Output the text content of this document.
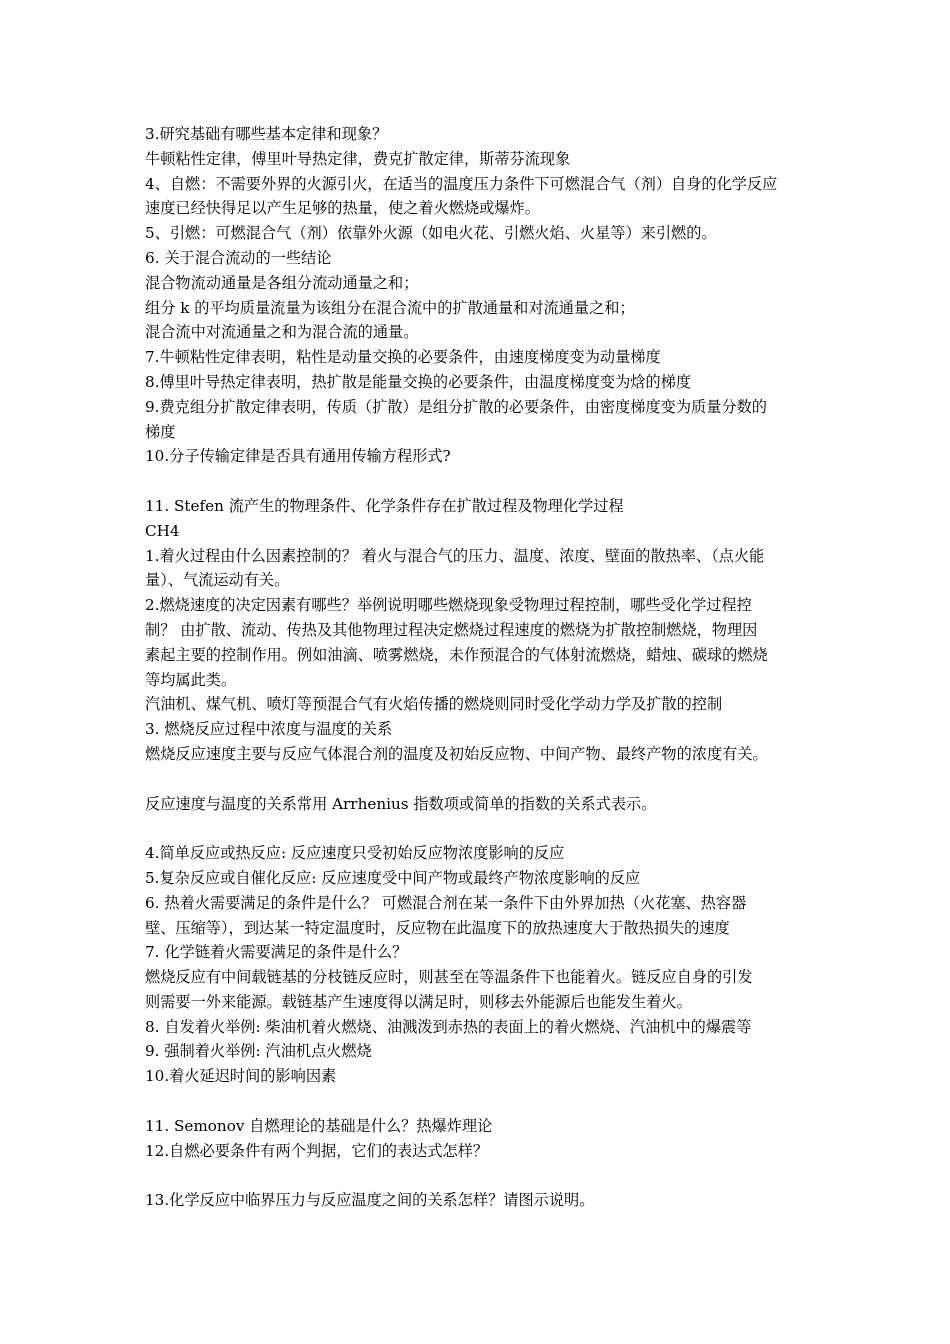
3.研究基础有哪些基本定律和现象？
牛顿粘性定律，傅里叶导热定律，费克扩散定律，斯蒂芬流现象
4、自燃：不需要外界的火源引火，在适当的温度压力条件下可燃混合气（剂）自身的化学反应
速度已经快得足以产生足够的热量，使之着火燃烧或爆炸。
5、引燃：可燃混合气（剂）依靠外火源（如电火花、引燃火焰、火星等）来引燃的。
6. 关于混合流动的一些结论
混合物流动通量是各组分流动通量之和；
组分 k 的平均质量流量为该组分在混合流中的扩散通量和对流通量之和；
混合流中对流通量之和为混合流的通量。
7.牛顿粘性定律表明，粘性是动量交换的必要条件，由速度梯度变为动量梯度
8.傅里叶导热定律表明，热扩散是能量交换的必要条件，由温度梯度变为焓的梯度
9.费克组分扩散定律表明，传质（扩散）是组分扩散的必要条件，由密度梯度变为质量分数的
梯度
10.分子传输定律是否具有通用传输方程形式?
11. Stefen 流产生的物理条件、化学条件存在扩散过程及物理化学过程
CH4
1.着火过程由什么因素控制的？ 着火与混合气的压力、温度、浓度、壁面的散热率、（点火能
量）、气流运动有关。
2.燃烧速度的决定因素有哪些？举例说明哪些燃烧现象受物理过程控制，哪些受化学过程控
制？ 由扩散、流动、传热及其他物理过程决定燃烧过程速度的燃烧为扩散控制燃烧，物理因
素起主要的控制作用。例如油滴、喷雾燃烧，未作预混合的气体射流燃烧，蜡烛、碳球的燃烧
等均属此类。
汽油机、煤气机、喷灯等预混合气有火焰传播的燃烧则同时受化学动力学及扩散的控制
3. 燃烧反应过程中浓度与温度的关系
燃烧反应速度主要与反应气体混合剂的温度及初始反应物、中间产物、最终产物的浓度有关。
反应速度与温度的关系常用 Arrhenius 指数项或简单的指数的关系式表示。
4.简单反应或热反应: 反应速度只受初始反应物浓度影响的反应
5.复杂反应或自催化反应: 反应速度受中间产物或最终产物浓度影响的反应
6. 热着火需要满足的条件是什么？ 可燃混合剂在某一条件下由外界加热（火花塞、热容器
壁、压缩等），到达某一特定温度时，反应物在此温度下的放热速度大于散热损失的速度
7. 化学链着火需要满足的条件是什么？
燃烧反应有中间载链基的分枝链反应时，则甚至在等温条件下也能着火。链反应自身的引发
则需要一外来能源。载链基产生速度得以满足时，则移去外能源后也能发生着火。
8. 自发着火举例: 柴油机着火燃烧、油溅泼到赤热的表面上的着火燃烧、汽油机中的爆震等
9. 强制着火举例: 汽油机点火燃烧
10.着火延迟时间的影响因素
11. Semonov 自燃理论的基础是什么？热爆炸理论
12.自燃必要条件有两个判据，它们的表达式怎样？
13.化学反应中临界压力与反应温度之间的关系怎样？请图示说明。
